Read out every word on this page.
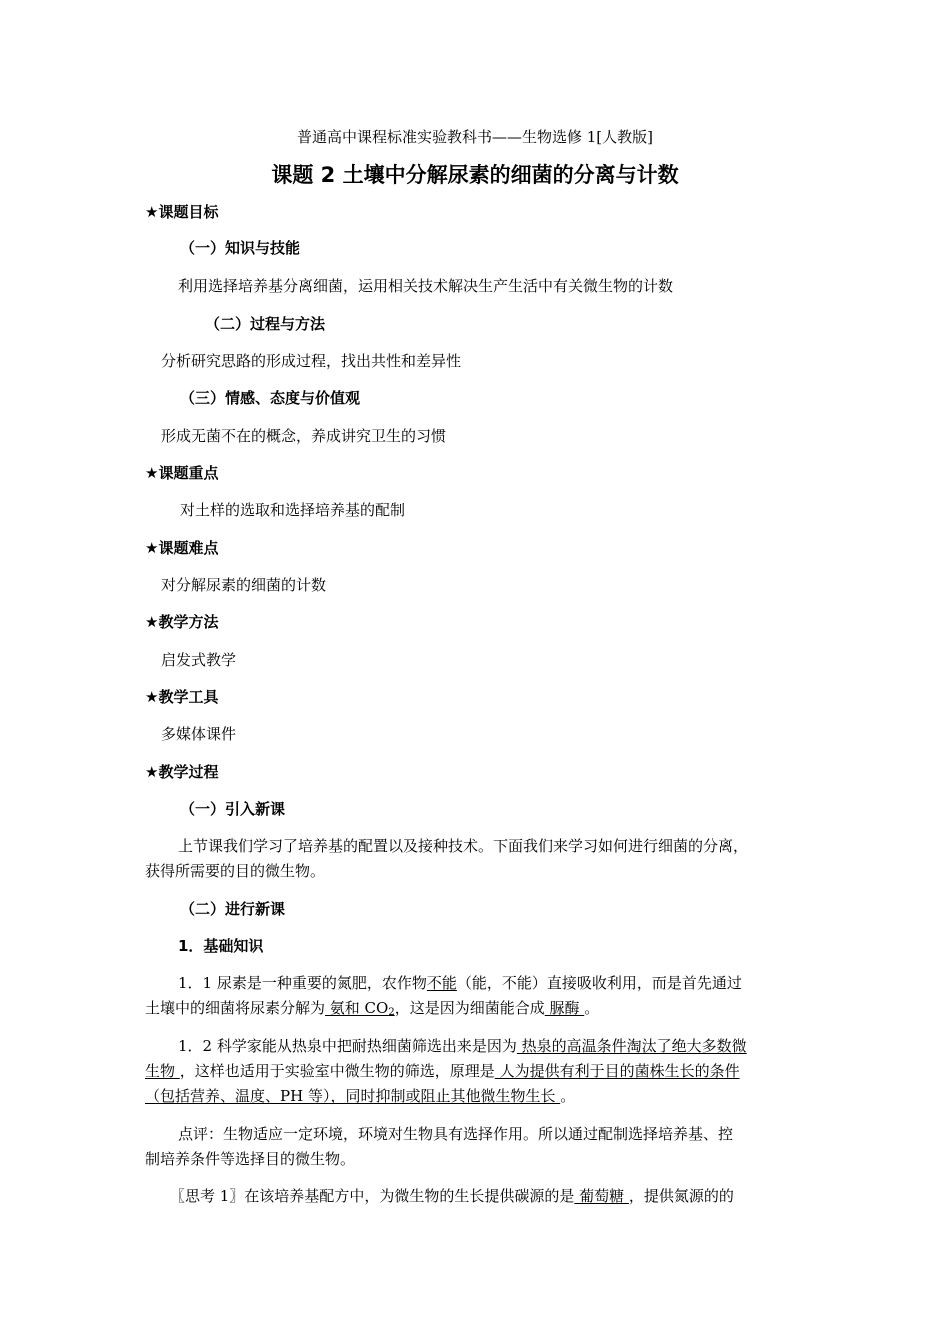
普通高中课程标准实验教科书——生物选修 1[人教版]
课题 2 土壤中分解尿素的细菌的分离与计数
★课题目标
（一）知识与技能
利用选择培养基分离细菌，运用相关技术解决生产生活中有关微生物的计数
（二）过程与方法
分析研究思路的形成过程，找出共性和差异性
（三）情感、态度与价值观
形成无菌不在的概念，养成讲究卫生的习惯
★课题重点
对土样的选取和选择培养基的配制
★课题难点
对分解尿素的细菌的计数
★教学方法
启发式教学
★教学工具
多媒体课件
★教学过程
（一）引入新课
上节课我们学习了培养基的配置以及接种技术。下面我们来学习如何进行细菌的分离，
获得所需要的目的微生物。
（二）进行新课
1．基础知识
1．1 尿素是一种重要的氮肥，农作物不能（能，不能）直接吸收利用，而是首先通过
土壤中的细菌将尿素分解为 氨和 $CO_2$，这是因为细菌能合成 脲酶 。
1．2 科学家能从热泉中把耐热细菌筛选出来是因为 热泉的高温条件淘汰了绝大多数微
生物 ，这样也适用于实验室中微生物的筛选，原理是 人为提供有利于目的菌株生长的条件
（包括营养、温度、PH 等），同时抑制或阻止其他微生物生长 。
点评：生物适应一定环境，环境对生物具有选择作用。所以通过配制选择培养基、控
制培养条件等选择目的微生物。
〖思考 1〗在该培养基配方中，为微生物的生长提供碳源的是 葡萄糖 ，提供氮源的的
